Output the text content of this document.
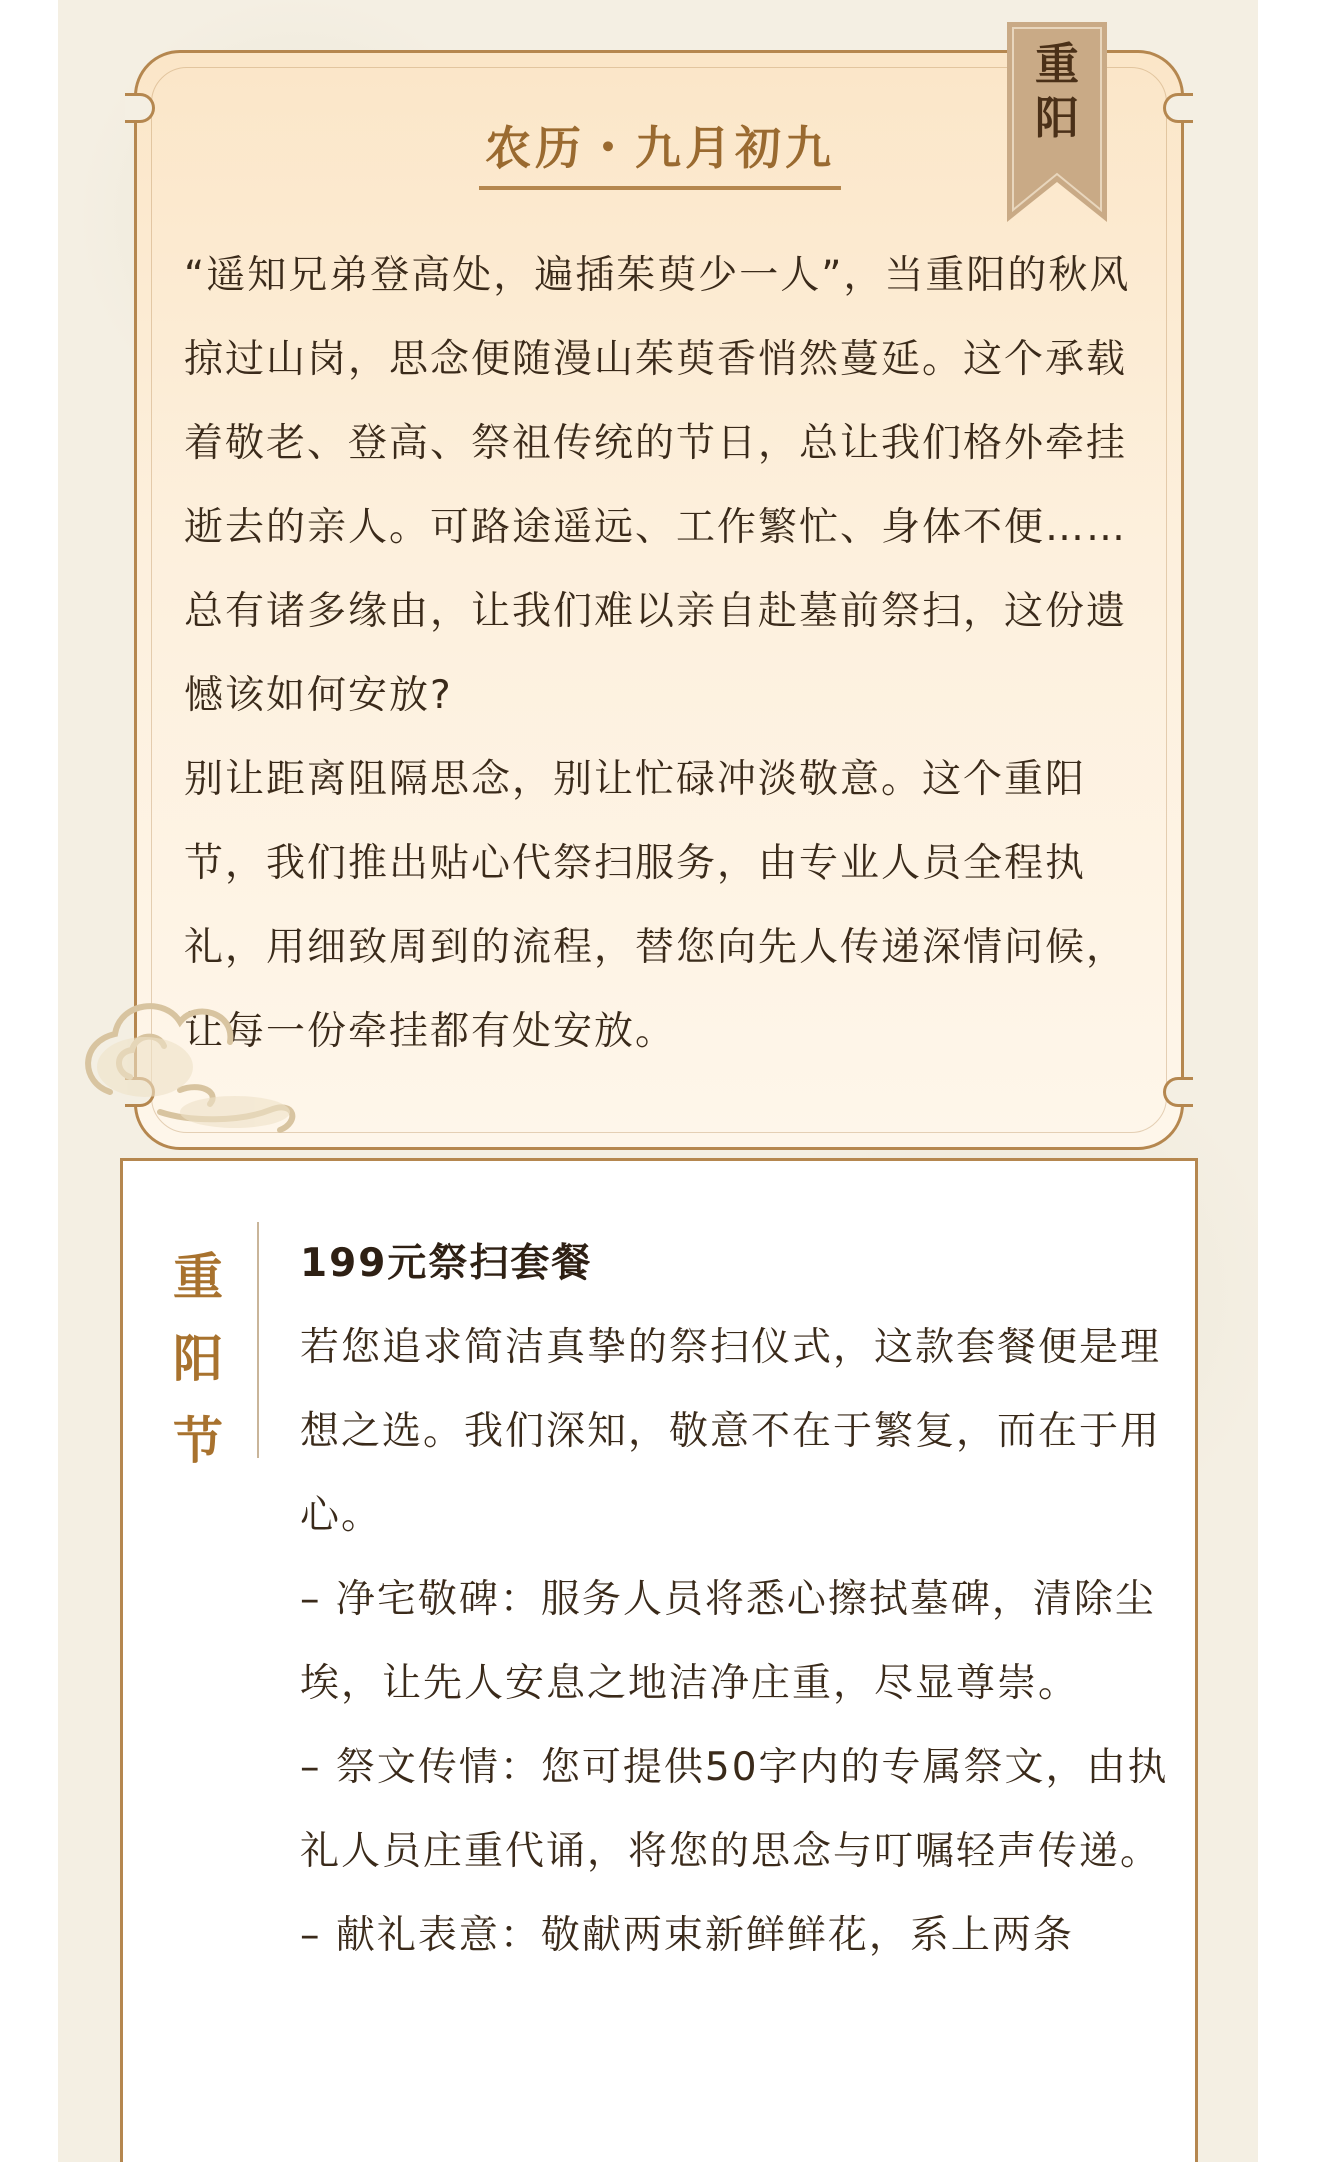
农历・九月初九
重阳

“遥知兄弟登高处，遍插茱萸少一人”，当重阳的秋风掠过山岗，思念便随漫山茱萸香悄然蔓延。这个承载着敬老、登高、祭祖传统的节日，总让我们格外牵挂逝去的亲人。可路途遥远、工作繁忙、身体不便……总有诸多缘由，让我们难以亲自赴墓前祭扫，这份遗憾该如何安放?

别让距离阻隔思念，别让忙碌冲淡敬意。这个重阳节，我们推出贴心代祭扫服务，由专业人员全程执礼，用细致周到的流程，替您向先人传递深情问候，让每一份牵挂都有处安放。

重阳节

199元祭扫套餐

若您追求简洁真挚的祭扫仪式，这款套餐便是理想之选。我们深知，敬意不在于繁复，而在于用心。

– 净宅敬碑：服务人员将悉心擦拭墓碑，清除尘埃，让先人安息之地洁净庄重，尽显尊崇。

– 祭文传情：您可提供50字内的专属祭文，由执礼人员庄重代诵，将您的思念与叮嘱轻声传递。

– 献礼表意：敬献两束新鲜鲜花，系上两条
